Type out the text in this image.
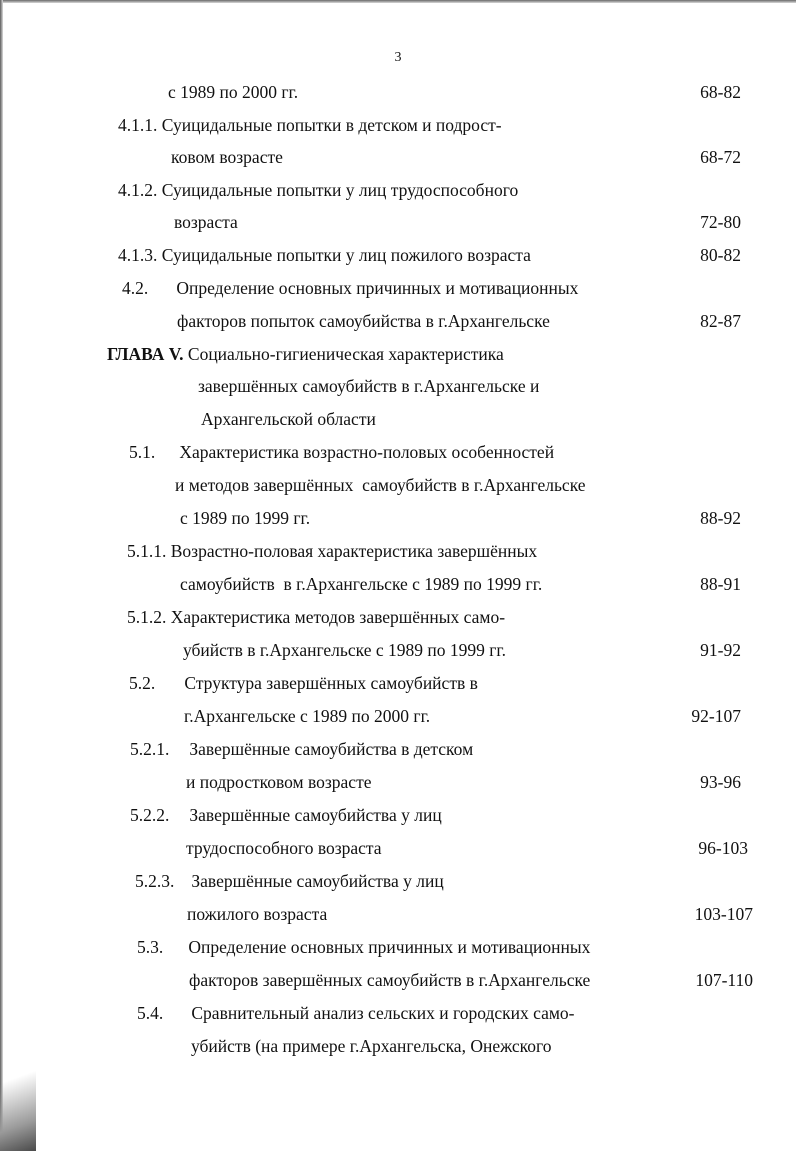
3
с 1989 по 2000 гг.	68-82
4.1.1. Суицидальные попытки в детском и подрост-
ковом возрасте	68-72
4.1.2. Суицидальные попытки у лиц трудоспособного
возраста	72-80
4.1.3. Суицидальные попытки у лиц пожилого возраста	80-82
4.2. Определение основных причинных и мотивационных
факторов попыток самоубийства в г.Архангельске	82-87
ГЛАВА V. Социально-гигиеническая характеристика
завершённых самоубийств в г.Архангельске и
Архангельской области
5.1. Характеристика возрастно-половых особенностей
и методов завершённых  самоубийств в г.Архангельске
с 1989 по 1999 гг.	88-92
5.1.1. Возрастно-половая характеристика завершённых
самоубийств  в г.Архангельске с 1989 по 1999 гг.	88-91
5.1.2. Характеристика методов завершённых само-
убийств в г.Архангельске с 1989 по 1999 гг.	91-92
5.2. Структура завершённых самоубийств в
г.Архангельске с 1989 по 2000 гг.	92-107
5.2.1. Завершённые самоубийства в детском
и подростковом возрасте	93-96
5.2.2. Завершённые самоубийства у лиц
трудоспособного возраста	96-103
5.2.3. Завершённые самоубийства у лиц
пожилого возраста	103-107
5.3. Определение основных причинных и мотивационных
факторов завершённых самоубийств в г.Архангельске	107-110
5.4. Сравнительный анализ сельских и городских само-
убийств (на примере г.Архангельска, Онежского
